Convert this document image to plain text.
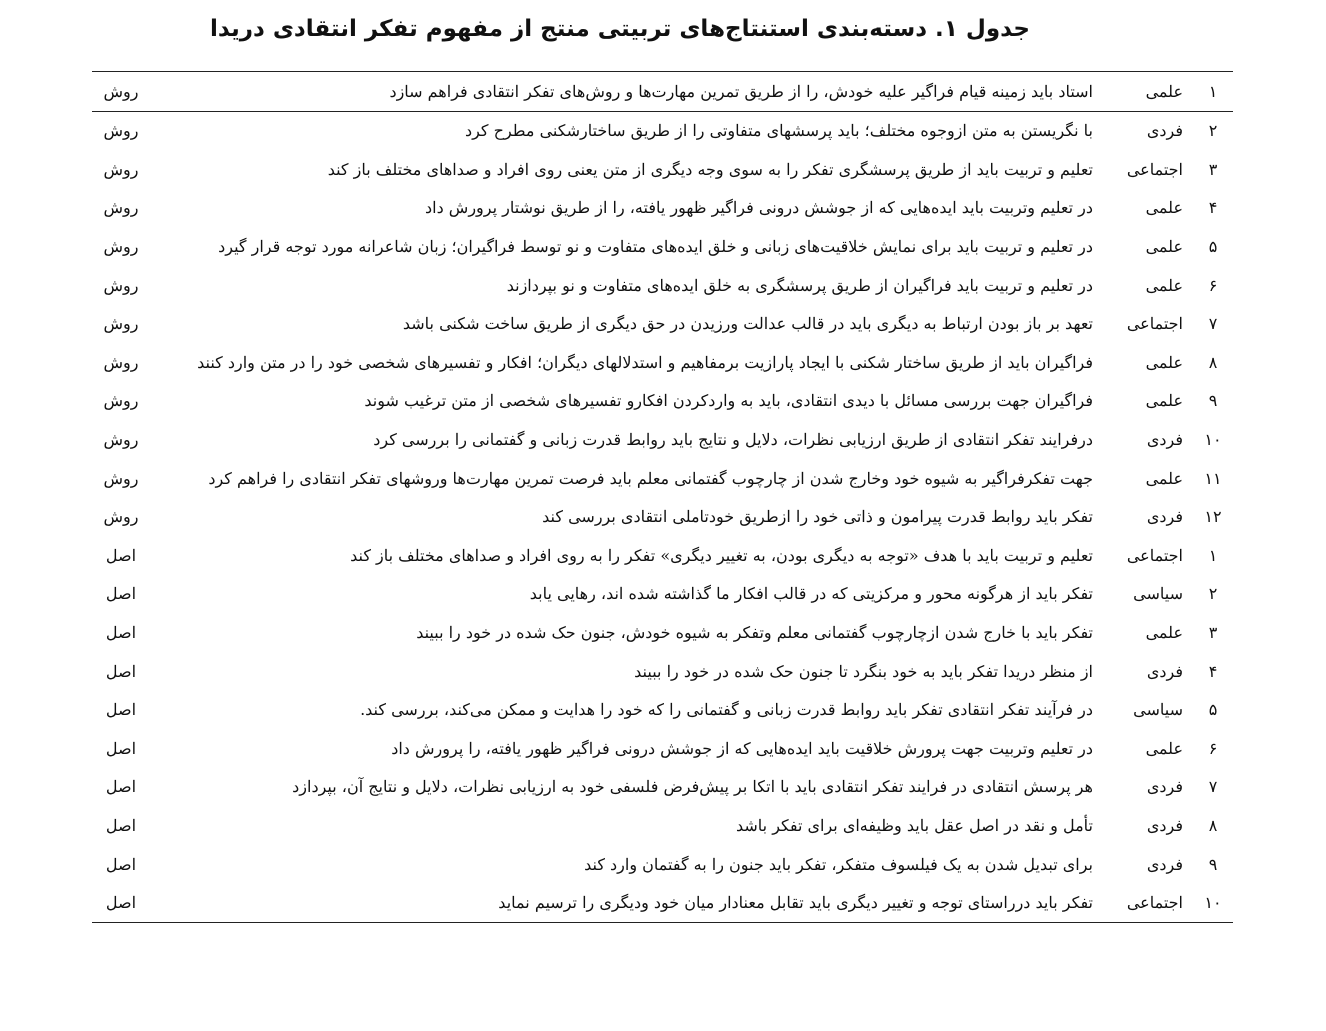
جدول ۱. دسته‌بندی استنتاج‌های تربیتی منتج از مفهوم تفکر انتقادی دریدا
۱
علمی
استاد باید زمینه قیام فراگیر علیه خودش، را از طریق تمرین مهارت‌ها و روش‌های تفکر انتقادی فراهم سازد
روش
۲
فردی
با نگریستن به متن ازوجوه مختلف؛ باید پرسشهای متفاوتی را از طریق ساختارشکنی مطرح کرد
روش
۳
اجتماعی
تعلیم و تربیت باید از طریق پرسشگری تفکر را به سوی وجه دیگری از متن یعنی روی افراد و صداهای مختلف باز کند
روش
۴
علمی
در تعلیم وتربیت باید ایده‌هایی که از جوشش درونی فراگیر ظهور یافته، را از طریق نوشتار پرورش داد
روش
۵
علمی
در تعلیم و تربیت باید برای نمایش خلاقیت‌های زبانی و خلق ایده‌های متفاوت و نو توسط فراگیران؛ زبان شاعرانه مورد توجه قرار گیرد
روش
۶
علمی
در تعلیم و تربیت باید فراگیران از طریق پرسشگری به خلق ایده‌های متفاوت و نو بپردازند
روش
۷
اجتماعی
تعهد بر باز بودن ارتباط به دیگری باید در قالب عدالت ورزیدن در حق دیگری از طریق ساخت شکنی باشد
روش
۸
علمی
فراگیران باید از طریق ساختار شکنی با ایجاد پارازیت برمفاهیم و استدلالهای دیگران؛ افکار و تفسیرهای شخصی خود را در متن وارد کنند
روش
۹
علمی
فراگیران جهت بررسی مسائل با دیدی انتقادی، باید به واردکردن افکارو تفسیرهای شخصی از متن ترغیب شوند
روش
۱۰
فردی
درفرایند تفکر انتقادی از طریق ارزیابی نظرات، دلایل و نتایج باید روابط قدرت زبانی و گفتمانی را بررسی کرد
روش
۱۱
علمی
جهت تفکرفراگیر به شیوه خود وخارج شدن از چارچوب گفتمانی معلم باید فرصت تمرین مهارت‌ها وروشهای تفکر انتقادی را فراهم کرد
روش
۱۲
فردی
تفکر باید روابط قدرت پیرامون و ذاتی خود را ازطریق خودتاملی انتقادی بررسی کند
روش
۱
اجتماعی
تعلیم و تربیت باید با هدف «توجه به دیگری بودن، به تغییر دیگری» تفکر را به روی افراد و صداهای مختلف باز کند
اصل
۲
سیاسی
تفکر باید از هرگونه محور و مرکزیتی که در قالب افکار ما گذاشته شده اند، رهایی یابد
اصل
۳
علمی
تفکر باید با خارج شدن ازچارچوب گفتمانی معلم وتفکر به شیوه خودش، جنون حک شده در خود را ببیند
اصل
۴
فردی
از منظر دریدا تفکر باید به خود بنگرد تا جنون حک شده در خود را ببیند
اصل
۵
سیاسی
در فرآیند تفکر انتقادی تفکر باید روابط قدرت زبانی و گفتمانی را که خود را هدایت و ممکن می‌کند، بررسی کند.
اصل
۶
علمی
در تعلیم وتربیت جهت پرورش خلاقیت باید ایده‌هایی که از جوشش درونی فراگیر ظهور یافته، را پرورش داد
اصل
۷
فردی
هر پرسش انتقادی در فرایند تفکر انتقادی باید با اتکا بر پیش‌فرض فلسفی خود به ارزیابی نظرات، دلایل و نتایج آن، بپردازد
اصل
۸
فردی
تأمل و نقد در اصل عقل باید وظیفه‌ای برای تفکر باشد
اصل
۹
فردی
برای تبدیل شدن به یک فیلسوف متفکر، تفکر باید جنون را به گفتمان وارد کند
اصل
۱۰
اجتماعی
تفکر باید درراستای توجه و تغییر دیگری باید تقابل معنادار میان خود ودیگری را ترسیم نماید
اصل
